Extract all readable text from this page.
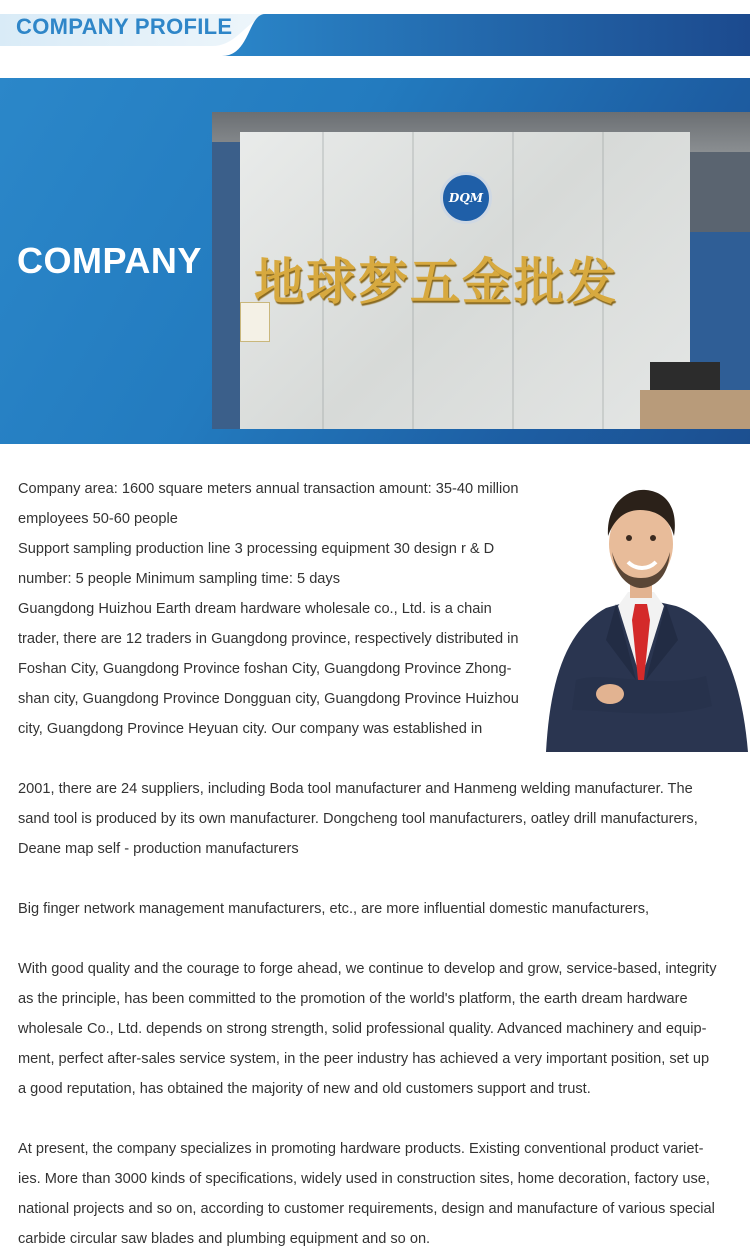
COMPANY PROFILE
COMPANY
DQM
地球梦五金批发
Company area: 1600 square meters annual transaction amount: 35-40 million
employees 50-60 people
Support sampling production line 3 processing equipment 30 design r & D
number: 5 people Minimum sampling time: 5 days
Guangdong Huizhou Earth dream hardware wholesale co., Ltd. is a chain
trader, there are 12 traders in Guangdong province, respectively distributed in
Foshan City, Guangdong Province foshan City, Guangdong Province Zhong-
shan city, Guangdong Province Dongguan city, Guangdong Province Huizhou
city, Guangdong Province Heyuan city. Our company was established in
2001, there are 24 suppliers, including Boda tool manufacturer and Hanmeng welding manufacturer. The
sand tool is produced by its own manufacturer. Dongcheng tool manufacturers, oatley drill manufacturers,
Deane map self - production manufacturers
Big finger network management manufacturers, etc., are more influential domestic manufacturers,
With good quality and the courage to forge ahead, we continue to develop and grow, service-based, integrity
as the principle, has been committed to the promotion of the world's platform, the earth dream hardware
wholesale Co., Ltd. depends on strong strength, solid professional quality. Advanced machinery and equip-
ment, perfect after-sales service system, in the peer industry has achieved a very important position, set up
a good reputation, has obtained the majority of new and old customers support and trust.
At present, the company specializes in promoting hardware products. Existing conventional product variet-
ies. More than 3000 kinds of specifications, widely used in construction sites, home decoration, factory use,
national projects and so on, according to customer requirements, design and manufacture of various special
carbide circular saw blades and plumbing equipment and so on.
